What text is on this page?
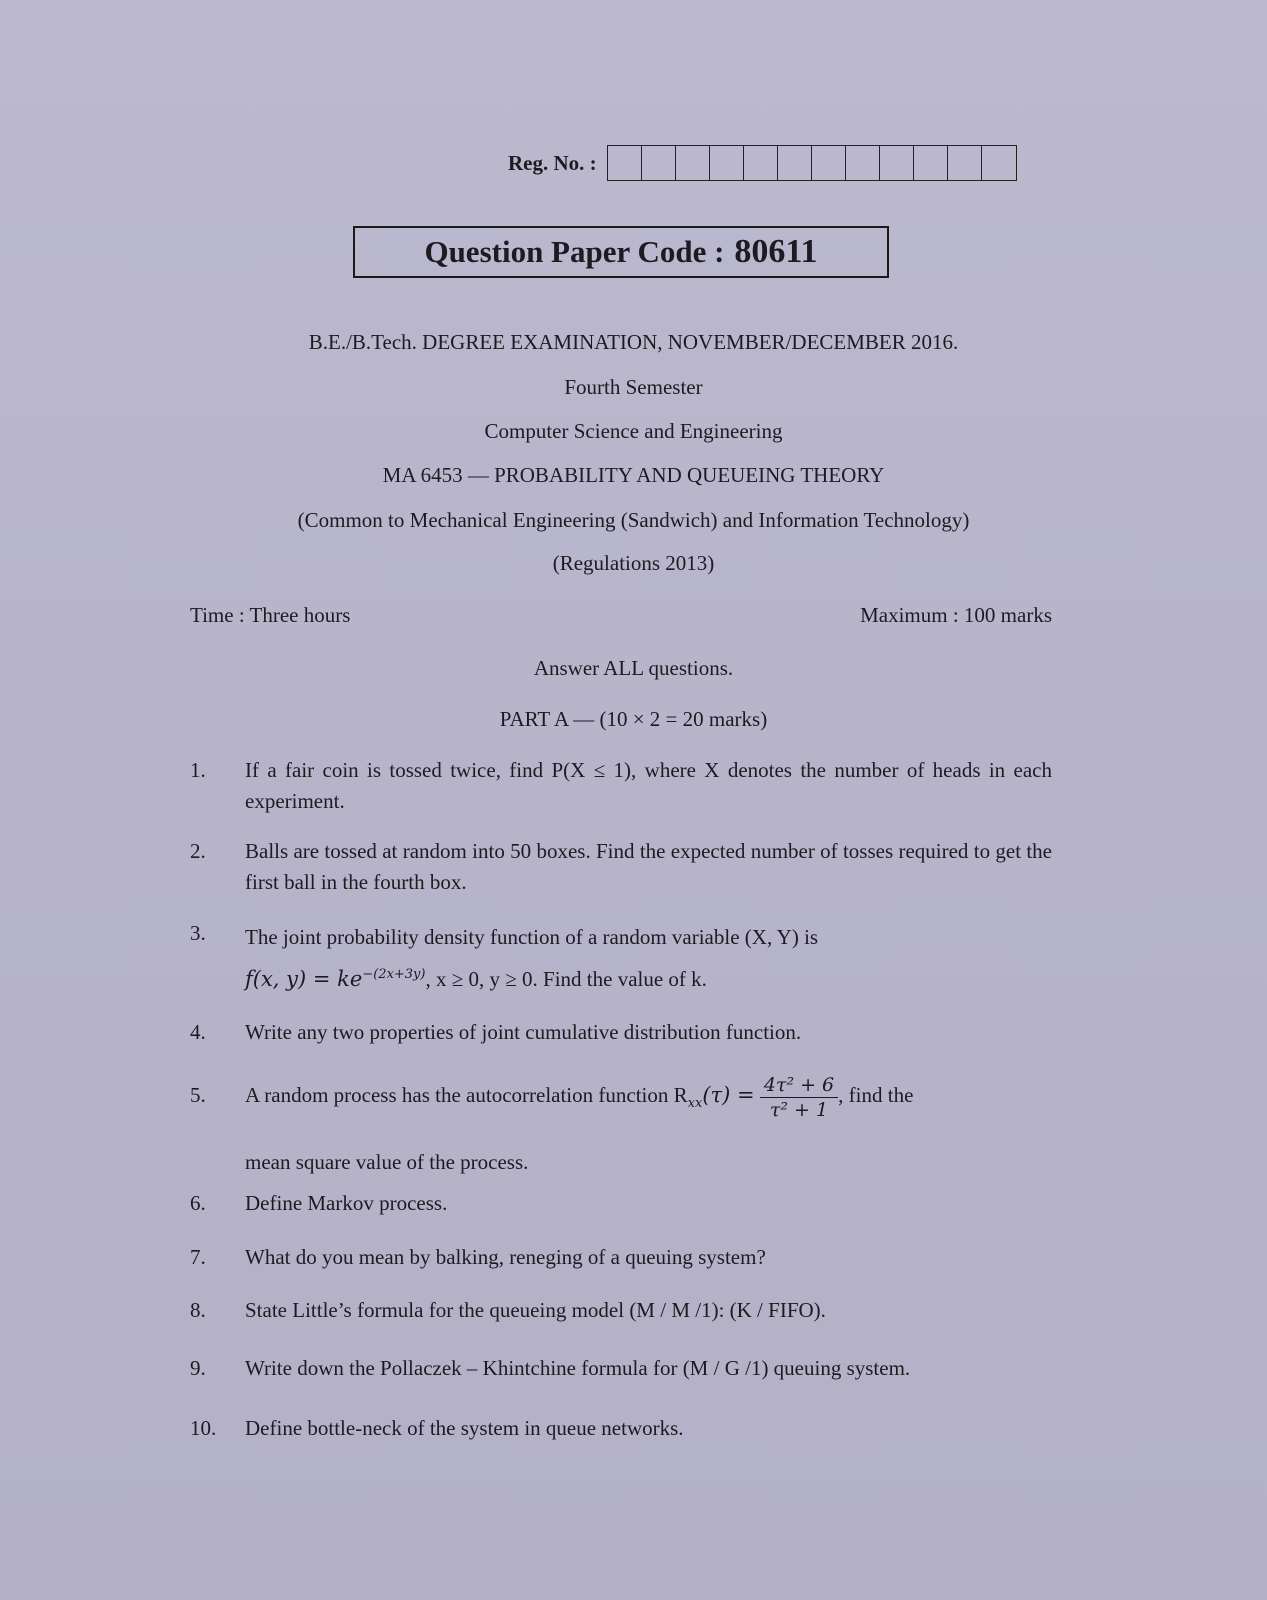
Reg. No. :
Question Paper Code : 80611
B.E./B.Tech. DEGREE EXAMINATION, NOVEMBER/DECEMBER 2016.
Fourth Semester
Computer Science and Engineering
MA 6453 — PROBABILITY AND QUEUEING THEORY
(Common to Mechanical Engineering (Sandwich) and Information Technology)
(Regulations 2013)
Time : Three hours	Maximum : 100 marks
Answer ALL questions.
PART A — (10 × 2 = 20 marks)
1.	If a fair coin is tossed twice, find P(X ≤ 1), where X denotes the number of heads in each experiment.
2.	Balls are tossed at random into 50 boxes. Find the expected number of tosses required to get the first ball in the fourth box.
3.	The joint probability density function of a random variable (X, Y) is
f(x, $y) = ke^{-(2x+3y)}$, x ≥ 0, y ≥ 0. Find the value of k.
4.	Write any two properties of joint cumulative distribution function.
5.	A random process has the autocorrelation function $R_{xx}(\tau) = \frac{\text{4τ² + 6}}{\text{τ² + 1}}$ , find the
mean square value of the process.
6.	Define Markov process.
7.	What do you mean by balking, reneging of a queuing system?
8.	State Little’s formula for the queueing model (M / M /1): (K / FIFO).
9.	Write down the Pollaczek – Khintchine formula for (M / G /1) queuing system.
10.	Define bottle-neck of the system in queue networks.
